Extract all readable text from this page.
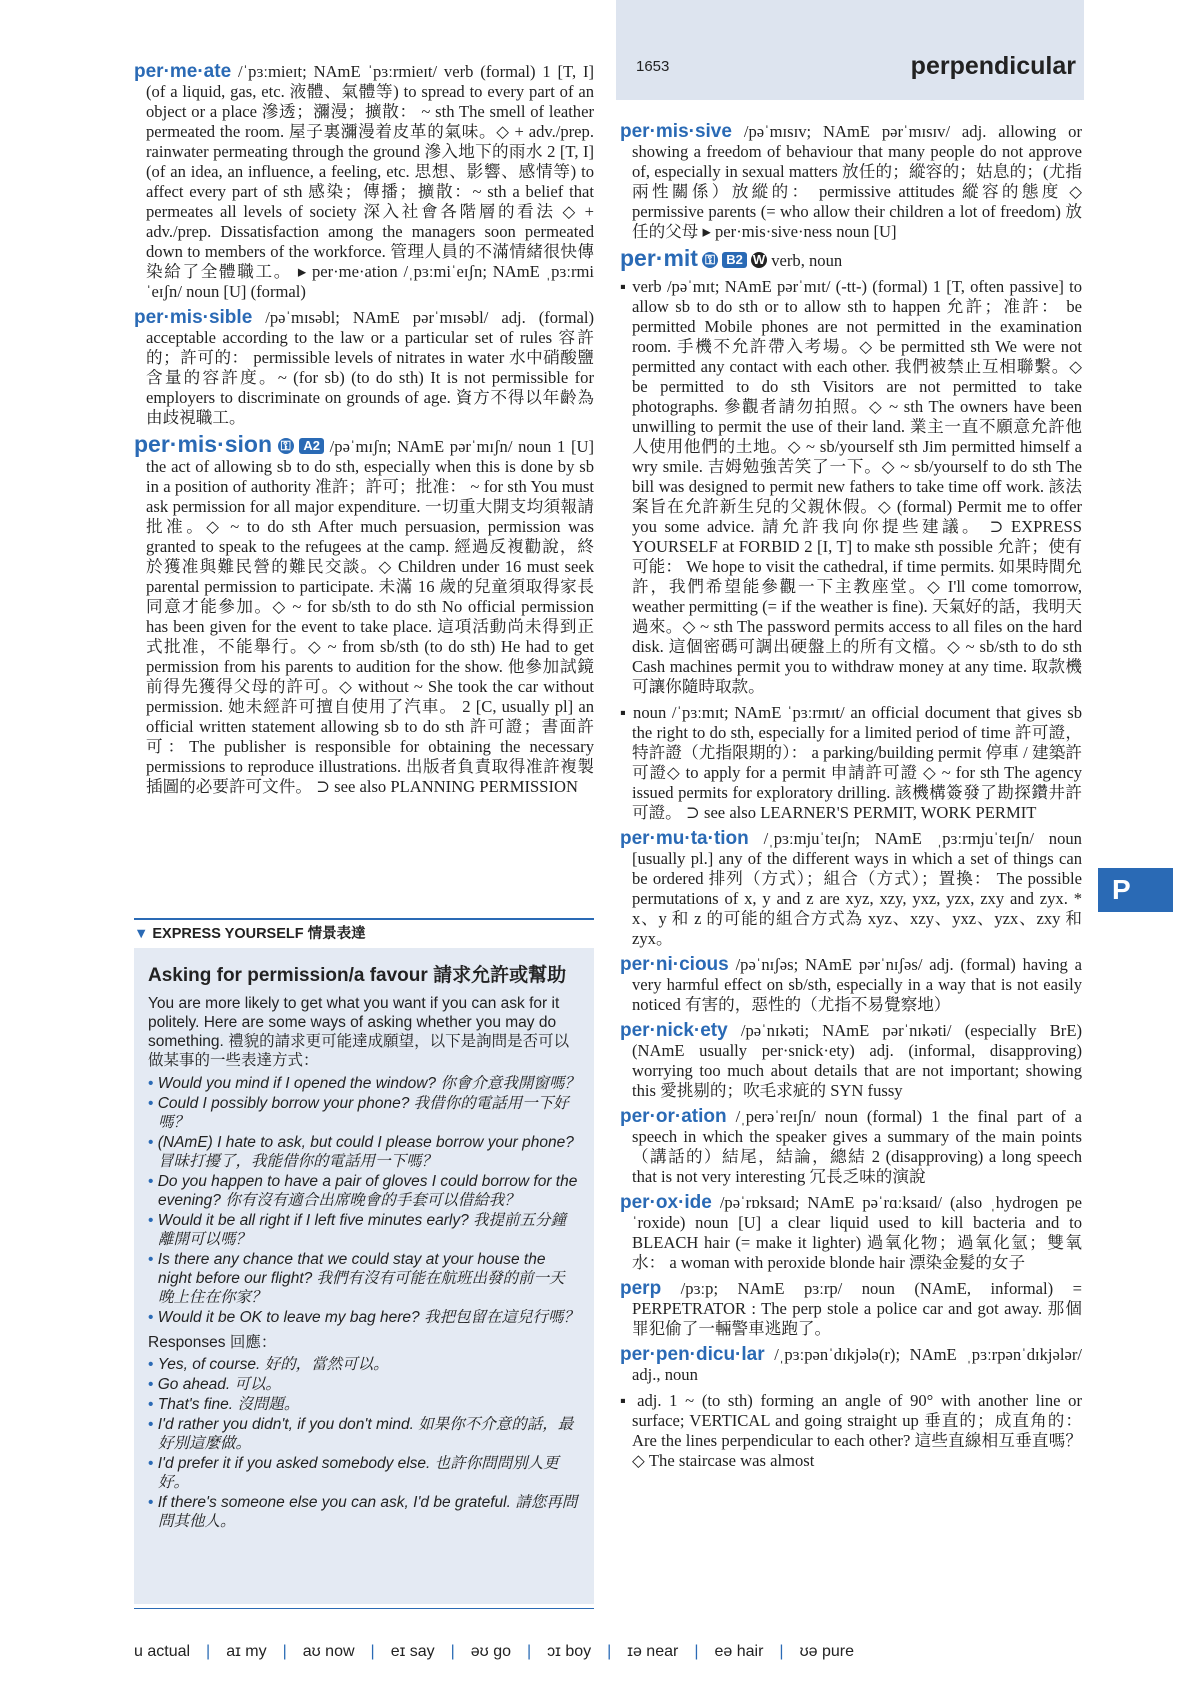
1653	perpendicular
per·me·ate /ˈpɜːmieɪt; NAmE ˈpɜːrmieɪt/ verb (formal) 1 [T, I] (of a liquid, gas, etc. 液體、氣體等) to spread to every part of an object or a place 滲透；瀰漫；擴散： ~ sth The smell of leather permeated the room. 屋子裏瀰漫着皮革的氣味。◇ + adv./prep. rainwater permeating through the ground 滲入地下的雨水 2 [T, I] (of an idea, an influence, a feeling, etc. 思想、影響、感情等) to affect every part of sth 感染；傳播；擴散：~ sth a belief that permeates all levels of society 深入社會各階層的看法 ◇ + adv./prep. Dissatisfaction among the managers soon permeated down to members of the workforce. 管理人員的不滿情緒很快傳染給了全體職工。 ▸ per·me·ation /ˌpɜːmiˈeɪʃn; NAmE ˌpɜːrmiˈeɪʃn/ noun [U] (formal)
per·mis·sible /pəˈmɪsəbl; NAmE pərˈmɪsəbl/ adj. (formal) acceptable according to the law or a particular set of rules 容許的；許可的： permissible levels of nitrates in water 水中硝酸鹽含量的容許度。~ (for sb) (to do sth) It is not permissible for employers to discriminate on grounds of age. 資方不得以年齡為由歧視職工。
per·mis·sion ⚿ A2 /pəˈmɪʃn; NAmE pərˈmɪʃn/ noun 1 [U] the act of allowing sb to do sth, especially when this is done by sb in a position of authority 准許；許可；批准： ~ for sth You must ask permission for all major expenditure. 一切重大開支均須報請批准。◇ ~ to do sth After much persuasion, permission was granted to speak to the refugees at the camp. 經過反複勸說，終於獲准與難民營的難民交談。◇ Children under 16 must seek parental permission to participate. 未滿 16 歲的兒童須取得家長同意才能參加。◇ ~ for sb/sth to do sth No official permission has been given for the event to take place. 這項活動尚未得到正式批准，不能舉行。◇ ~ from sb/sth (to do sth) He had to get permission from his parents to audition for the show. 他參加試鏡前得先獲得父母的許可。◇ without ~ She took the car without permission. 她未經許可擅自使用了汽車。 2 [C, usually pl] an official written statement allowing sb to do sth 許可證；書面許可：The publisher is responsible for obtaining the necessary permissions to reproduce illustrations. 出版者負責取得准許複製插圖的必要許可文件。 ⊃ see also PLANNING PERMISSION
▼ EXPRESS YOURSELF 情景表達
Asking for permission/a favour 請求允許或幫助
You are more likely to get what you want if you can ask for it politely. Here are some ways of asking whether you may do something. 禮貌的請求更可能達成願望，以下是詢問是否可以做某事的一些表達方式：
• Would you mind if I opened the window? 你會介意我開窗嗎？
• Could I possibly borrow your phone? 我借你的電話用一下好嗎？
• (NAmE) I hate to ask, but could I please borrow your phone? 冒昧打擾了，我能借你的電話用一下嗎？
• Do you happen to have a pair of gloves I could borrow for the evening? 你有沒有適合出席晚會的手套可以借給我？
• Would it be all right if I left five minutes early? 我提前五分鐘離開可以嗎？
• Is there any chance that we could stay at your house the night before our flight? 我們有沒有可能在航班出發的前一天晚上住在你家？
• Would it be OK to leave my bag here? 我把包留在這兒行嗎？
Responses 回應：
• Yes, of course. 好的，當然可以。
• Go ahead. 可以。
• That's fine. 沒問題。
• I'd rather you didn't, if you don't mind. 如果你不介意的話，最好別這麼做。
• I'd prefer it if you asked somebody else. 也許你問問別人更好。
• If there's someone else you can ask, I'd be grateful. 請您再問問其他人。
per·mis·sive /pəˈmɪsɪv; NAmE pərˈmɪsɪv/ adj. allowing or showing a freedom of behaviour that many people do not approve of, especially in sexual matters 放任的；縱容的；姑息的；(尤指兩性關係）放縱的： permissive attitudes 縱容的態度 ◇ permissive parents (= who allow their children a lot of freedom) 放任的父母 ▸ per·mis·sive·ness noun [U]
per·mit ⚿ B2 W verb, noun
▪ verb /pəˈmɪt; NAmE pərˈmɪt/ (-tt-) (formal) 1 [T, often passive] to allow sb to do sth or to allow sth to happen 允許；准許： be permitted Mobile phones are not permitted in the examination room. 手機不允許帶入考場。◇ be permitted sth We were not permitted any contact with each other. 我們被禁止互相聯繫。◇ be permitted to do sth Visitors are not permitted to take photographs. 參觀者請勿拍照。◇ ~ sth The owners have been unwilling to permit the use of their land. 業主一直不願意允許他人使用他們的土地。◇ ~ sb/yourself sth Jim permitted himself a wry smile. 吉姆勉強苦笑了一下。◇ ~ sb/yourself to do sth The bill was designed to permit new fathers to take time off work. 該法案旨在允許新生兒的父親休假。◇ (formal) Permit me to offer you some advice. 請允許我向你提些建議。 ⊃ EXPRESS YOURSELF at FORBID 2 [I, T] to make sth possible 允許；使有可能： We hope to visit the cathedral, if time permits. 如果時間允許，我們希望能參觀一下主教座堂。◇ I'll come tomorrow, weather permitting (= if the weather is fine). 天氣好的話，我明天過來。◇ ~ sth The password permits access to all files on the hard disk. 這個密碼可調出硬盤上的所有文檔。◇ ~ sb/sth to do sth Cash machines permit you to withdraw money at any time. 取款機可讓你隨時取款。
▪ noun /ˈpɜːmɪt; NAmE ˈpɜːrmɪt/ an official document that gives sb the right to do sth, especially for a limited period of time 許可證，特許證（尤指限期的）： a parking/building permit 停車 / 建築許可證◇ to apply for a permit 申請許可證 ◇ ~ for sth The agency issued permits for exploratory drilling. 該機構簽發了勘探鑽井許可證。 ⊃ see also LEARNER'S PERMIT, WORK PERMIT
per·mu·ta·tion /ˌpɜːmjuˈteɪʃn; NAmE ˌpɜːrmjuˈteɪʃn/ noun [usually pl.] any of the different ways in which a set of things can be ordered 排列（方式）；組合（方式）；置換： The possible permutations of x, y and z are xyz, xzy, yxz, yzx, zxy and zyx. * x、y 和 z 的可能的組合方式為 xyz、xzy、yxz、yzx、zxy 和 zyx。
per·ni·cious /pəˈnɪʃəs; NAmE pərˈnɪʃəs/ adj. (formal) having a very harmful effect on sb/sth, especially in a way that is not easily noticed 有害的，惡性的（尤指不易覺察地）
per·nick·ety /pəˈnɪkəti; NAmE pərˈnɪkəti/ (especially BrE) (NAmE usually per·snick·ety) adj. (informal, disapproving) worrying too much about details that are not important; showing this 愛挑剔的；吹毛求疵的 SYN fussy
per·or·ation /ˌperəˈreɪʃn/ noun (formal) 1 the final part of a speech in which the speaker gives a summary of the main points （講話的）結尾，結論，總結 2 (disapproving) a long speech that is not very interesting 冗長乏味的演說
per·ox·ide /pəˈrɒksaɪd; NAmE pəˈrɑːksaɪd/ (also ˌhydrogen peˈroxide) noun [U] a clear liquid used to kill bacteria and to BLEACH hair (= make it lighter) 過氧化物；過氧化氫；雙氧水： a woman with peroxide blonde hair 漂染金髮的女子
perp /pɜːp; NAmE pɜːrp/ noun (NAmE, informal) = PERPETRATOR : The perp stole a police car and got away. 那個罪犯偷了一輛警車逃跑了。
per·pen·dicu·lar /ˌpɜːpənˈdɪkjələ(r); NAmE ˌpɜːrpənˈdɪkjələr/ adj., noun
▪ adj. 1 ~ (to sth) forming an angle of 90° with another line or surface; VERTICAL and going straight up 垂直的；成直角的： Are the lines perpendicular to each other? 這些直線相互垂直嗎？◇ The staircase was almost
P
u actual | aɪ my | aʊ now | eɪ say | əʊ go | ɔɪ boy | ɪə near | eə hair | ʊə pure
